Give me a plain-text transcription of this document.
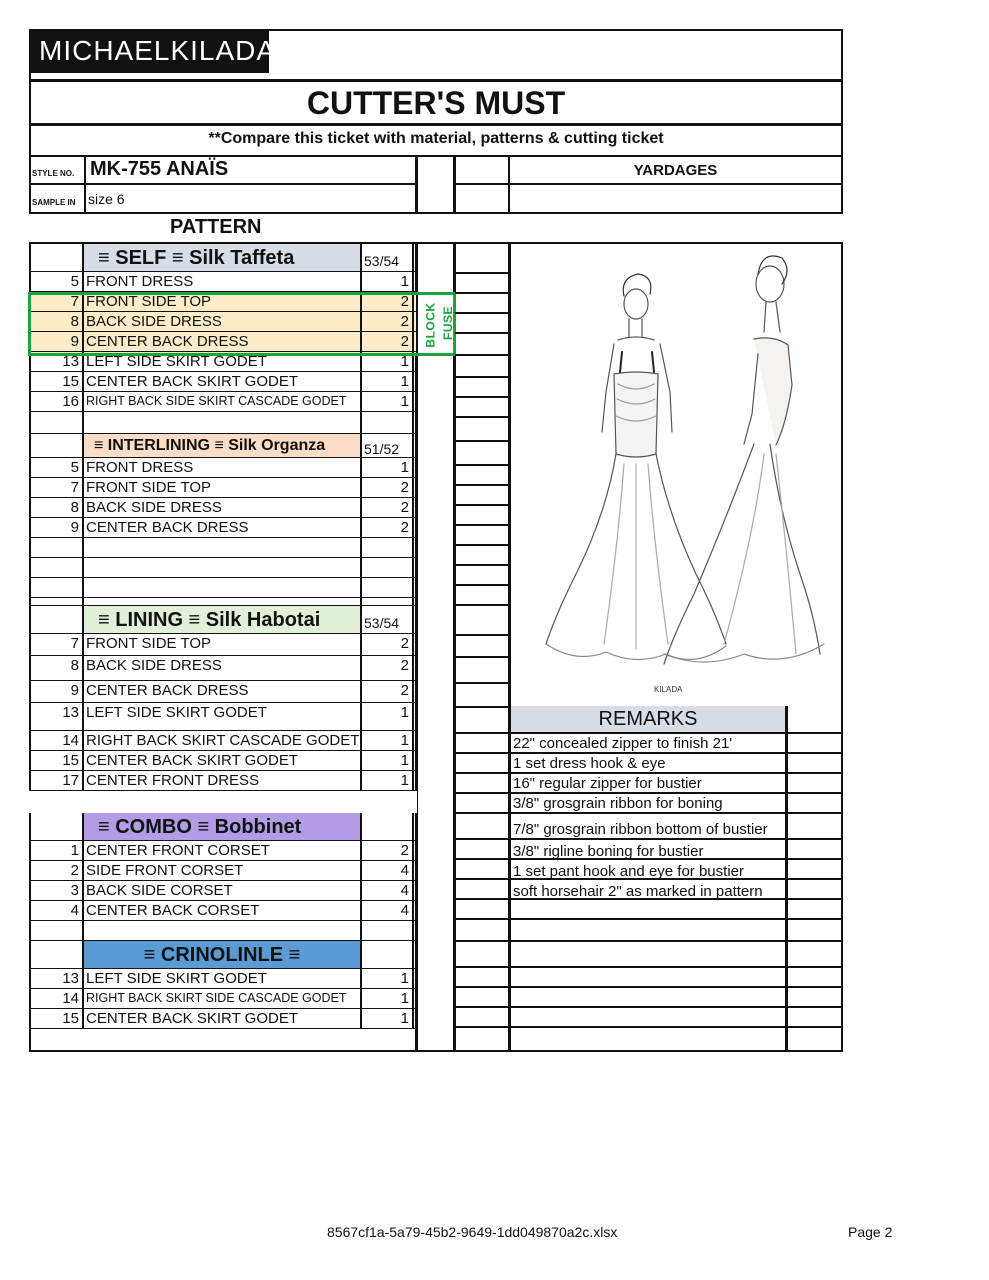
MICHAELKILADA
CUTTER'S MUST
**Compare this ticket with material, patterns & cutting ticket
STYLE NO. MK-755 ANAÏS
SAMPLE IN size 6
YARDAGES
PATTERN
≡ SELF ≡ Silk Taffeta	53/54
5 FRONT DRESS	1
7 FRONT SIDE TOP	2
8 BACK SIDE DRESS	2
9 CENTER BACK DRESS	2
13 LEFT SIDE SKIRT GODET	1
15 CENTER BACK SKIRT GODET	1
16 RIGHT BACK SIDE SKIRT CASCADE GODET	1
≡ INTERLINING ≡ Silk Organza	51/52
5 FRONT DRESS	1
7 FRONT SIDE TOP	2
8 BACK SIDE DRESS	2
9 CENTER BACK DRESS	2
≡ LINING ≡ Silk Habotai	53/54
7 FRONT SIDE TOP	2
8 BACK SIDE DRESS	2
9 CENTER BACK DRESS	2
13 LEFT SIDE SKIRT GODET	1
14 RIGHT BACK SKIRT CASCADE GODET	1
15 CENTER BACK SKIRT GODET	1
17 CENTER FRONT DRESS	1
≡ COMBO ≡ Bobbinet
1 CENTER FRONT CORSET	2
2 SIDE FRONT CORSET	4
3 BACK SIDE CORSET	4
4 CENTER BACK CORSET	4
≡ CRINOLINLE ≡
13 LEFT SIDE SKIRT GODET	1
14 RIGHT BACK SKIRT SIDE CASCADE GODET	1
15 CENTER BACK SKIRT GODET	1
BLOCK FUSE
KILADA
REMARKS
22" concealed zipper to finish 21'
1 set dress hook & eye
16" regular zipper for bustier
3/8" grosgrain ribbon for boning
7/8" grosgrain ribbon bottom of bustier
3/8" rigline boning for bustier
1 set pant hook and eye for bustier
soft horsehair 2" as marked in pattern
8567cf1a-5a79-45b2-9649-1dd049870a2c.xlsx	Page 2
